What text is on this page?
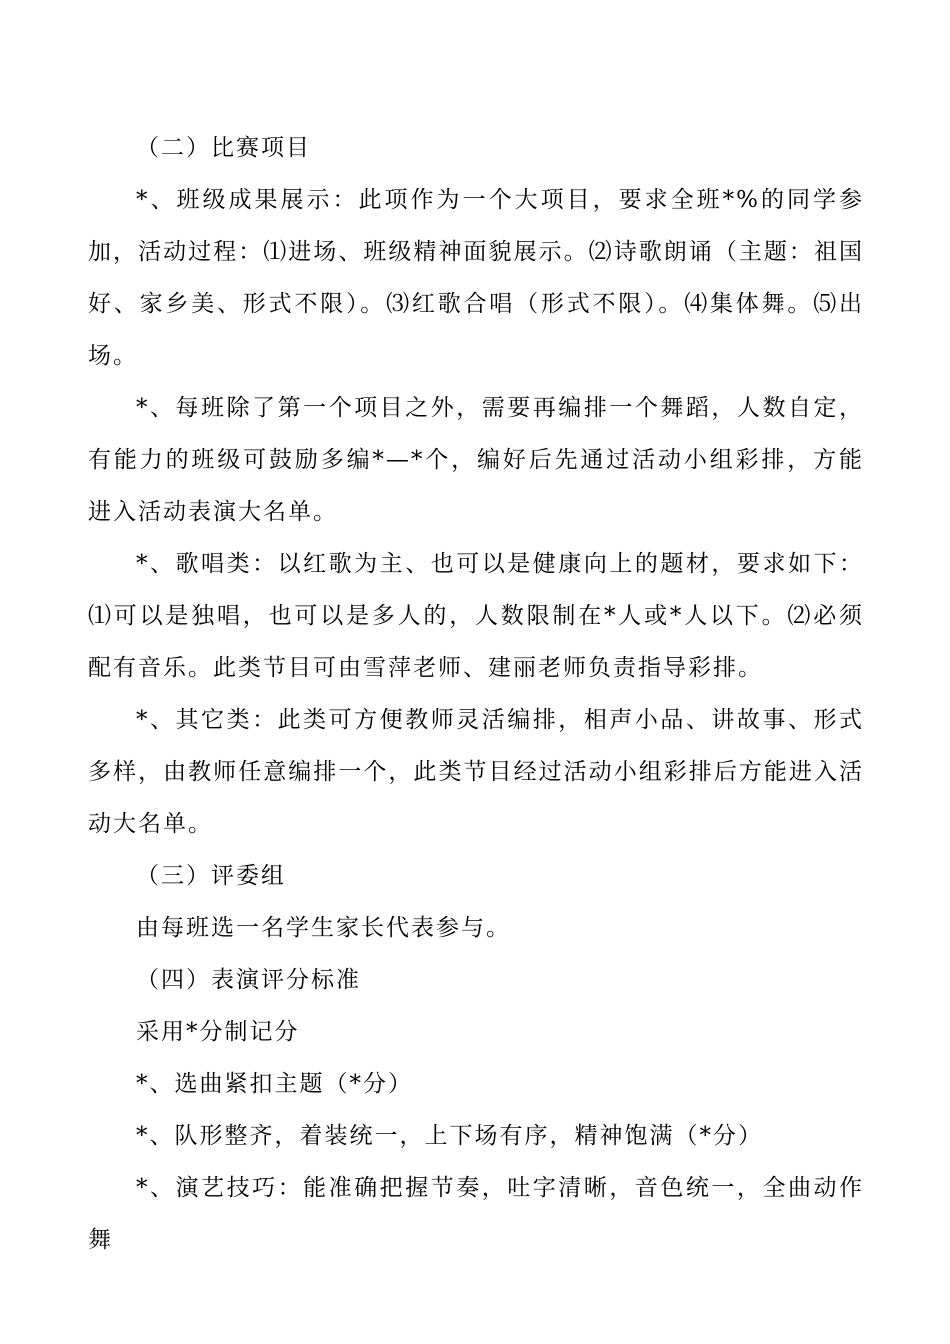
（二）比赛项目

*、班级成果展示：此项作为一个大项目，要求全班*%的同学参加，活动过程：⑴进场、班级精神面貌展示。⑵诗歌朗诵（主题：祖国好、家乡美、形式不限）。⑶红歌合唱（形式不限）。⑷集体舞。⑸出场。

*、每班除了第一个项目之外，需要再编排一个舞蹈，人数自定，有能力的班级可鼓励多编*—*个，编好后先通过活动小组彩排，方能进入活动表演大名单。

*、歌唱类：以红歌为主、也可以是健康向上的题材，要求如下：⑴可以是独唱，也可以是多人的，人数限制在*人或*人以下。⑵必须配有音乐。此类节目可由雪萍老师、建丽老师负责指导彩排。

*、其它类：此类可方便教师灵活编排，相声小品、讲故事、形式多样，由教师任意编排一个，此类节目经过活动小组彩排后方能进入活动大名单。

（三）评委组

由每班选一名学生家长代表参与。

（四）表演评分标准

采用*分制记分

*、选曲紧扣主题（*分）

*、队形整齐，着装统一，上下场有序，精神饱满（*分）

*、演艺技巧：能准确把握节奏，吐字清晰，音色统一，全曲动作舞
